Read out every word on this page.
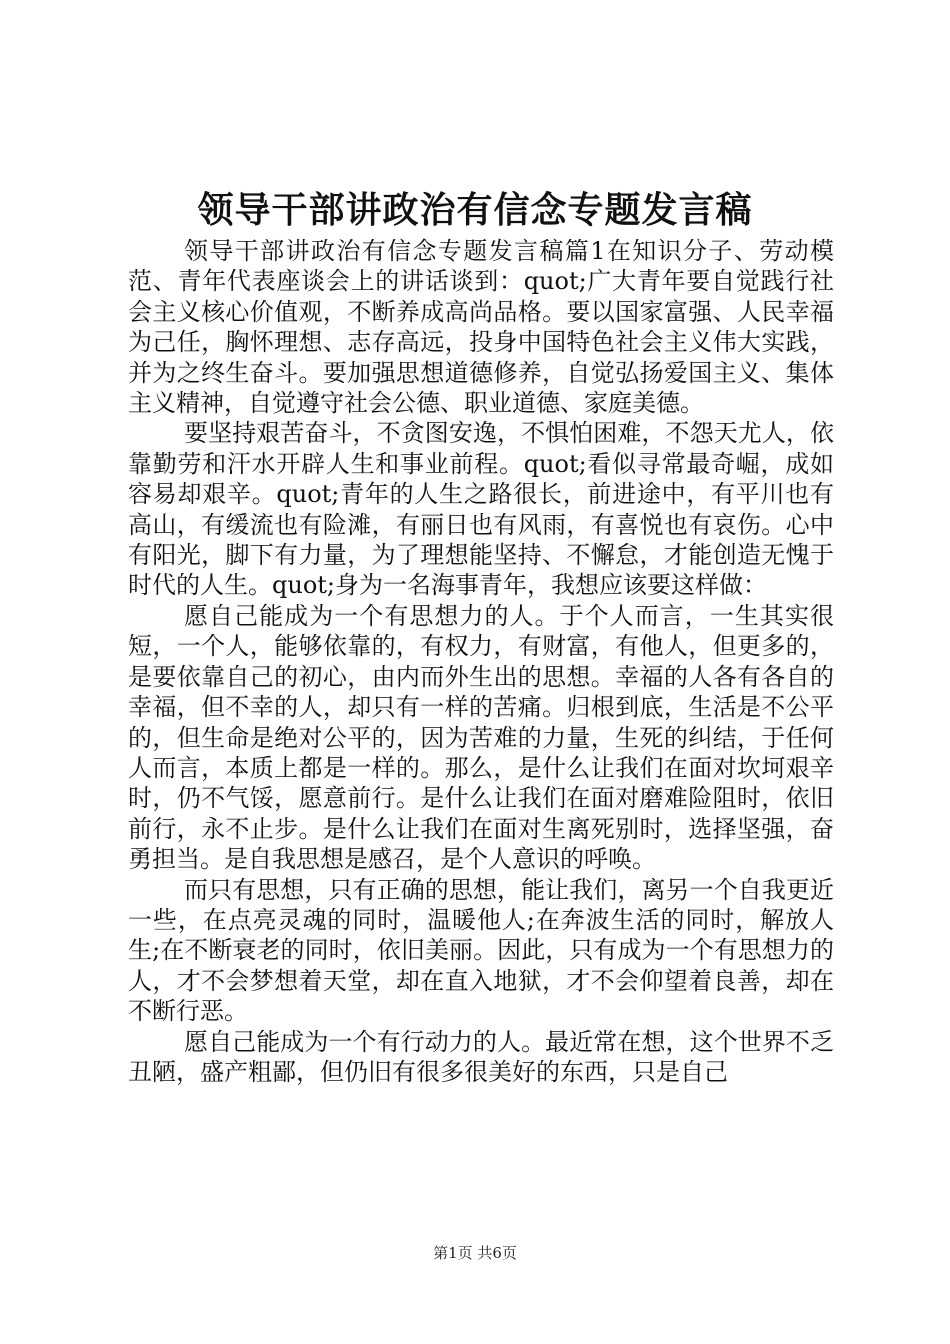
领导干部讲政治有信念专题发言稿

领导干部讲政治有信念专题发言稿篇1在知识分子、劳动模范、青年代表座谈会上的讲话谈到：quot;广大青年要自觉践行社会主义核心价值观，不断养成高尚品格。要以国家富强、人民幸福为己任，胸怀理想、志存高远，投身中国特色社会主义伟大实践，并为之终生奋斗。要加强思想道德修养，自觉弘扬爱国主义、集体主义精神，自觉遵守社会公德、职业道德、家庭美德。

要坚持艰苦奋斗，不贪图安逸，不惧怕困难，不怨天尤人，依靠勤劳和汗水开辟人生和事业前程。quot;看似寻常最奇崛，成如容易却艰辛。quot;青年的人生之路很长，前进途中，有平川也有高山，有缓流也有险滩，有丽日也有风雨，有喜悦也有哀伤。心中有阳光，脚下有力量，为了理想能坚持、不懈怠，才能创造无愧于时代的人生。quot;身为一名海事青年，我想应该要这样做：

愿自己能成为一个有思想力的人。于个人而言，一生其实很短，一个人，能够依靠的，有权力，有财富，有他人，但更多的，是要依靠自己的初心，由内而外生出的思想。幸福的人各有各自的幸福，但不幸的人，却只有一样的苦痛。归根到底，生活是不公平的，但生命是绝对公平的，因为苦难的力量，生死的纠结，于任何人而言，本质上都是一样的。那么，是什么让我们在面对坎坷艰辛时，仍不气馁，愿意前行。是什么让我们在面对磨难险阻时，依旧前行，永不止步。是什么让我们在面对生离死别时，选择坚强，奋勇担当。是自我思想是感召，是个人意识的呼唤。

而只有思想，只有正确的思想，能让我们，离另一个自我更近一些，在点亮灵魂的同时，温暖他人;在奔波生活的同时，解放人生;在不断衰老的同时，依旧美丽。因此，只有成为一个有思想力的人，才不会梦想着天堂，却在直入地狱，才不会仰望着良善，却在不断行恶。

愿自己能成为一个有行动力的人。最近常在想，这个世界不乏丑陋，盛产粗鄙，但仍旧有很多很美好的东西，只是自己

第1页 共6页
